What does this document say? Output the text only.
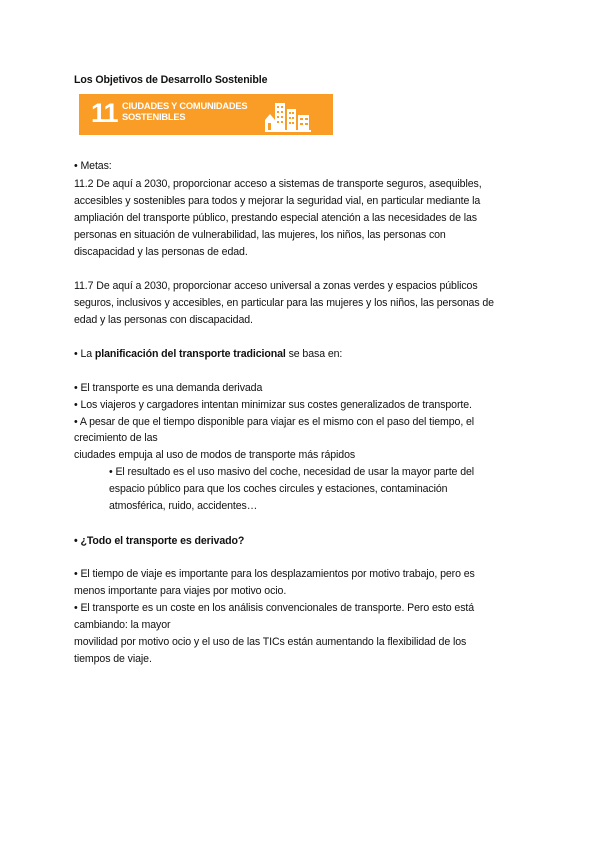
Los Objetivos de Desarrollo Sostenible
11 CIUDADES Y COMUNIDADES
SOSTENIBLES
• Metas:
11.2 De aquí a 2030, proporcionar acceso a sistemas de transporte seguros, asequibles,
accesibles y sostenibles para todos y mejorar la seguridad vial, en particular mediante la
ampliación del transporte público, prestando especial atención a las necesidades de las
personas en situación de vulnerabilidad, las mujeres, los niños, las personas con
discapacidad y las personas de edad.
11.7 De aquí a 2030, proporcionar acceso universal a zonas verdes y espacios públicos
seguros, inclusivos y accesibles, en particular para las mujeres y los niños, las personas de
edad y las personas con discapacidad.
• La planificación del transporte tradicional se basa en:
• El transporte es una demanda derivada
• Los viajeros y cargadores intentan minimizar sus costes generalizados de transporte.
• A pesar de que el tiempo disponible para viajar es el mismo con el paso del tiempo, el
crecimiento de las
ciudades empuja al uso de modos de transporte más rápidos
• El resultado es el uso masivo del coche, necesidad de usar la mayor parte del
espacio público para que los coches circules y estaciones, contaminación
atmosférica, ruido, accidentes…
• ¿Todo el transporte es derivado?
• El tiempo de viaje es importante para los desplazamientos por motivo trabajo, pero es
menos importante para viajes por motivo ocio.
• El transporte es un coste en los análisis convencionales de transporte. Pero esto está
cambiando: la mayor
movilidad por motivo ocio y el uso de las TICs están aumentando la flexibilidad de los
tiempos de viaje.
